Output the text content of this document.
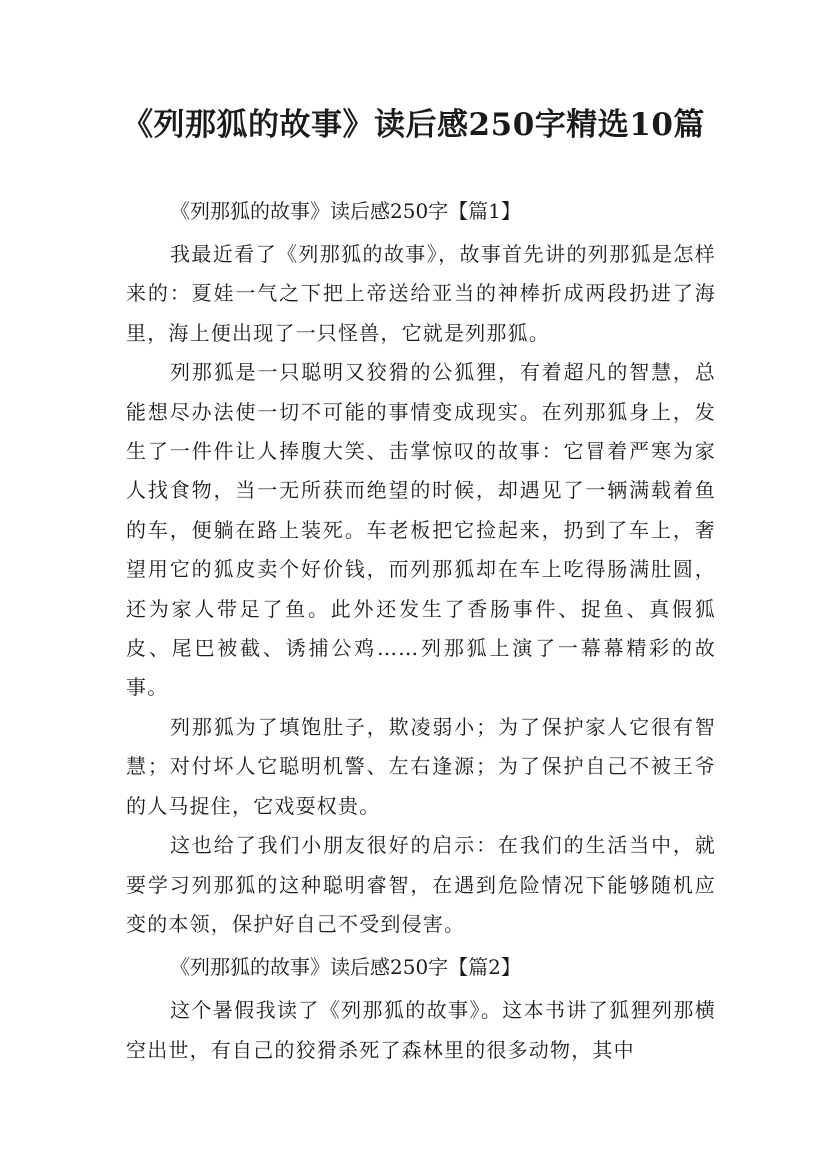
《列那狐的故事》读后感250字精选10篇
《列那狐的故事》读后感250字【篇1】

我最近看了《列那狐的故事》，故事首先讲的列那狐是怎样来的：夏娃一气之下把上帝送给亚当的神棒折成两段扔进了海里，海上便出现了一只怪兽，它就是列那狐。

列那狐是一只聪明又狡猾的公狐狸，有着超凡的智慧，总能想尽办法使一切不可能的事情变成现实。在列那狐身上，发生了一件件让人捧腹大笑、击掌惊叹的故事：它冒着严寒为家人找食物，当一无所获而绝望的时候，却遇见了一辆满载着鱼的车，便躺在路上装死。车老板把它捡起来，扔到了车上，奢望用它的狐皮卖个好价钱，而列那狐却在车上吃得肠满肚圆，还为家人带足了鱼。此外还发生了香肠事件、捉鱼、真假狐皮、尾巴被截、诱捕公鸡……列那狐上演了一幕幕精彩的故事。

列那狐为了填饱肚子，欺凌弱小；为了保护家人它很有智慧；对付坏人它聪明机警、左右逢源；为了保护自己不被王爷的人马捉住，它戏耍权贵。

这也给了我们小朋友很好的启示：在我们的生活当中，就要学习列那狐的这种聪明睿智，在遇到危险情况下能够随机应变的本领，保护好自己不受到侵害。

《列那狐的故事》读后感250字【篇2】

这个暑假我读了《列那狐的故事》。这本书讲了狐狸列那横空出世，有自己的狡猾杀死了森林里的很多动物，其中
